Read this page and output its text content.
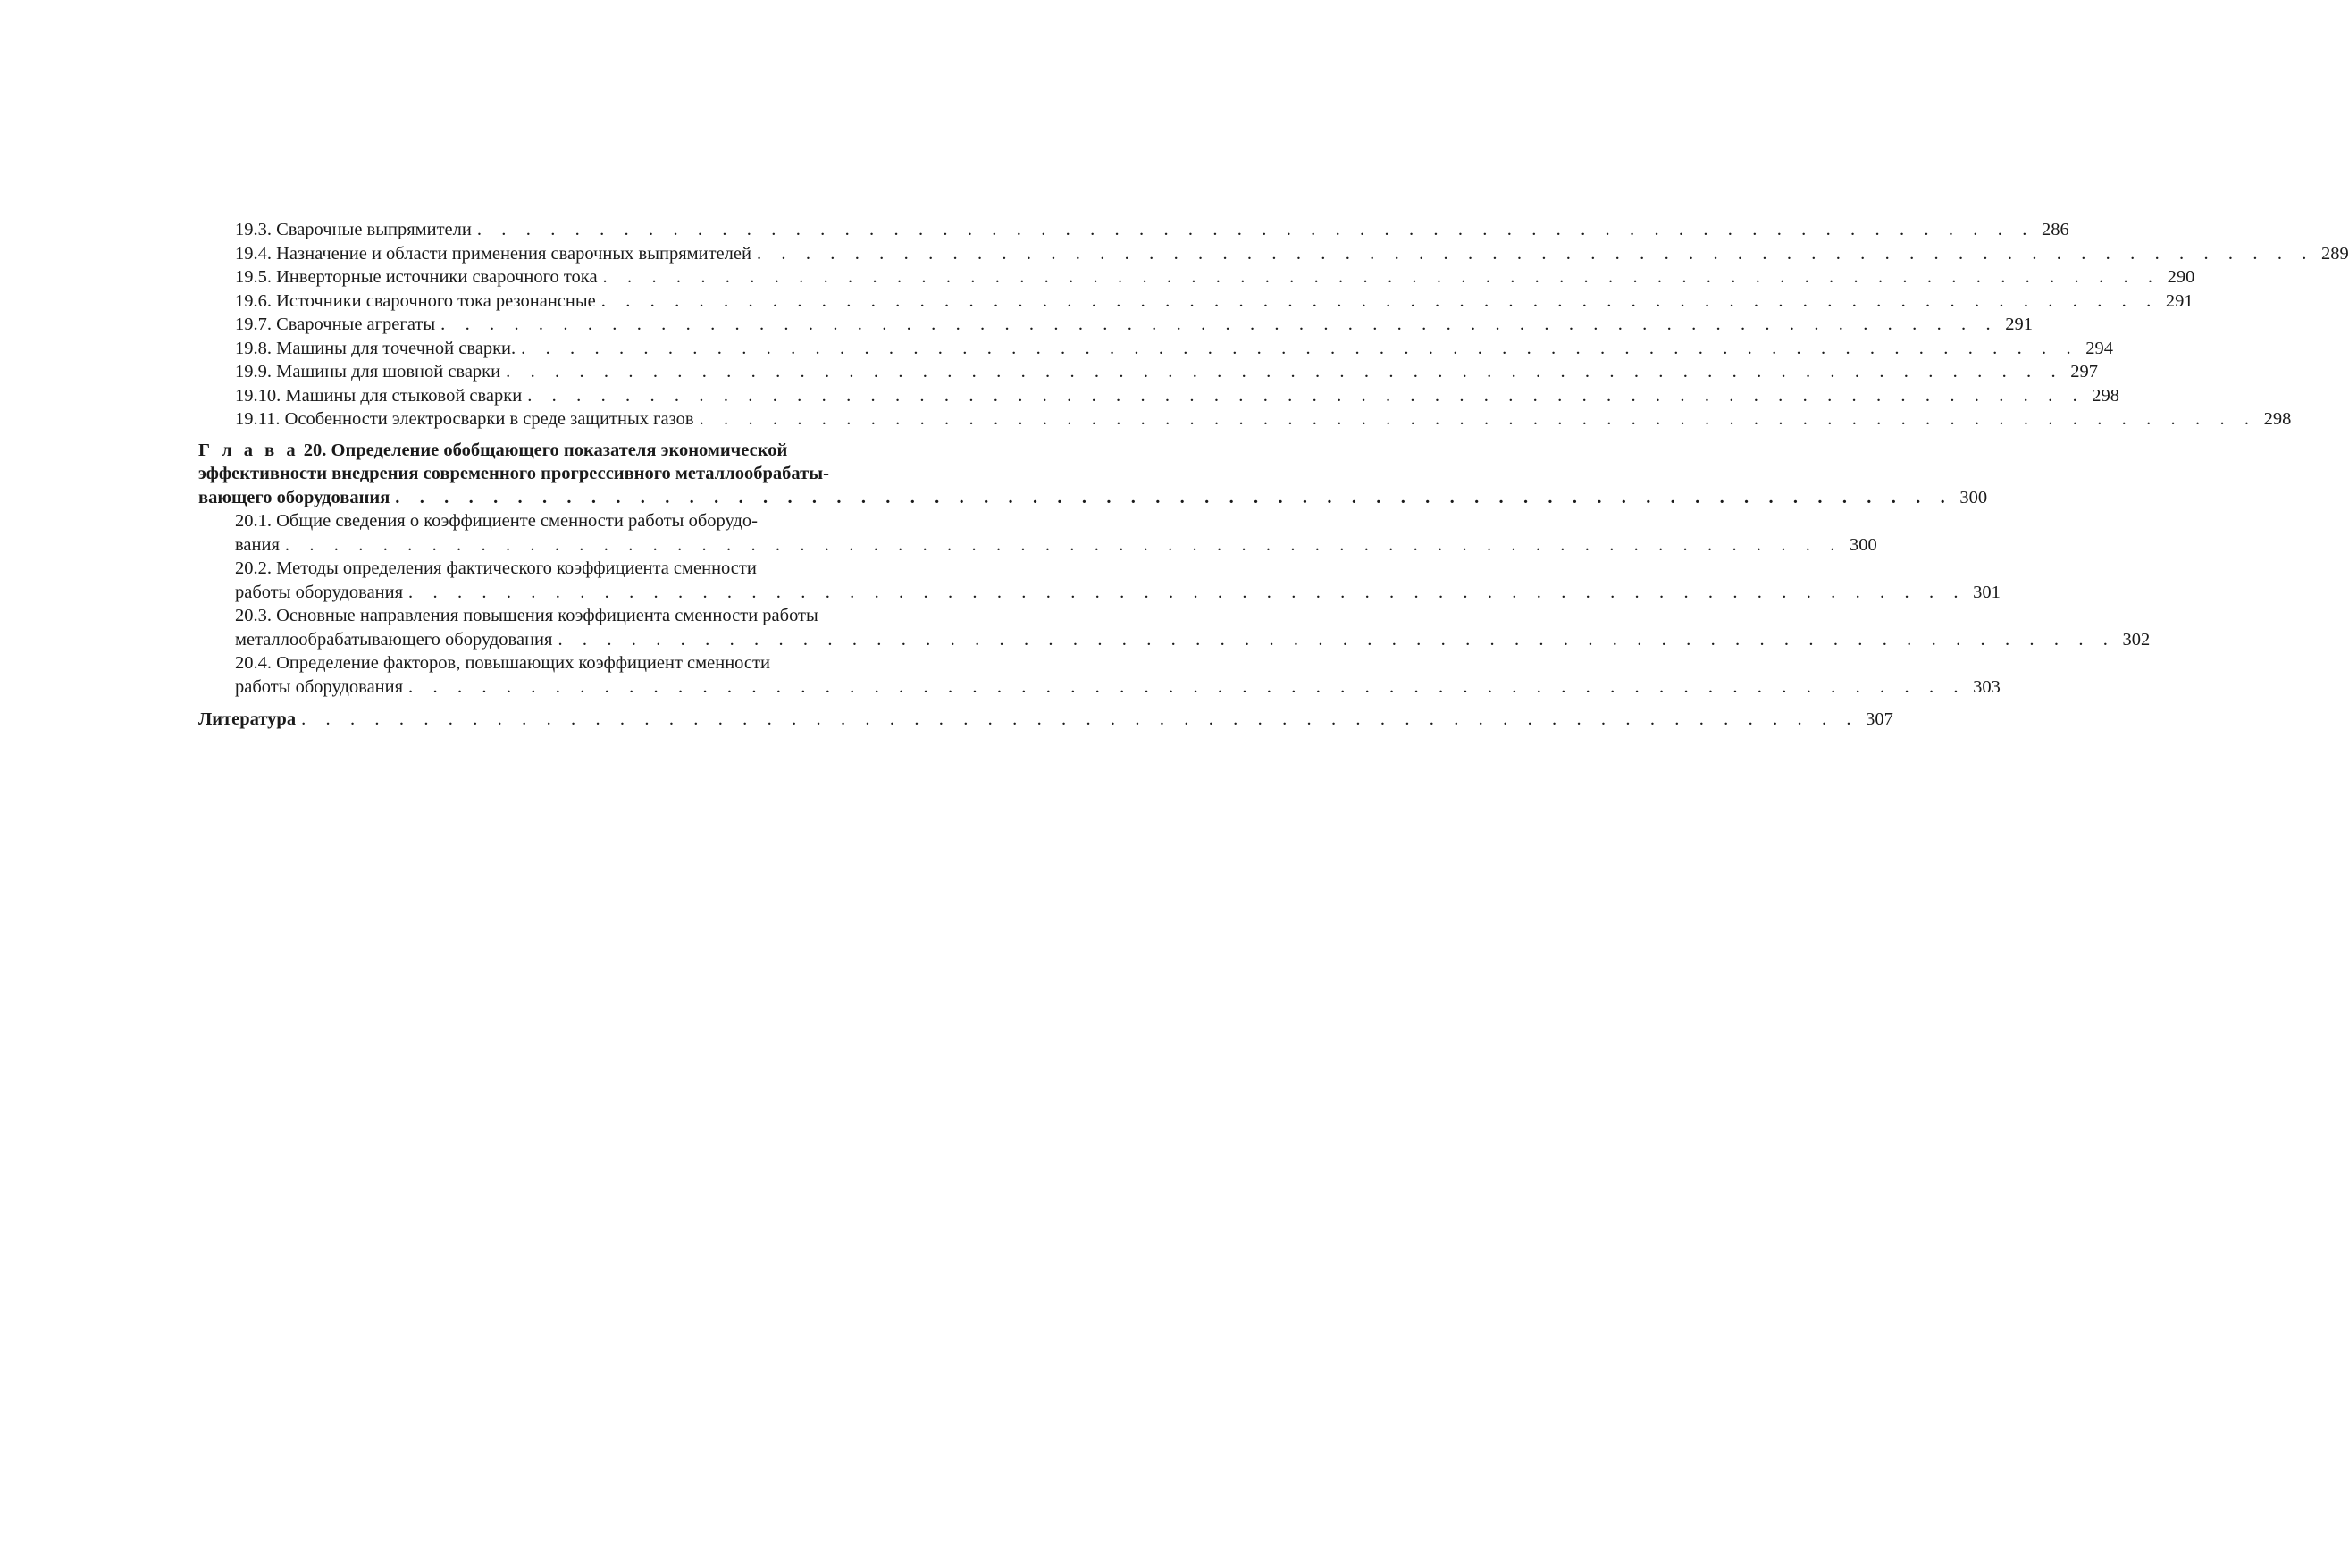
19.3. Сварочные выпрямители . . . . . . . . . . . . . . . . . . . . . . . . . . . . . . . . . . . . . . . . . . . . . . . . . . . . . . . . . . . . . . . . 286
19.4. Назначение и области применения сварочных выпрямителей . . . . . . . . . . . . . . . . . . . . . . . . . . . . . . . . . . . . . . . . . . . . . . . . . . . . . . . . . . . . . . . . 289
19.5. Инверторные источники сварочного тока . . . . . . . . . . . . . . . . . . . . . . . . . . . . . . . . . . . . . . . . . . . . . . . . . . . . . . . . . . . . . . . . 290
19.6. Источники сварочного тока резонансные . . . . . . . . . . . . . . . . . . . . . . . . . . . . . . . . . . . . . . . . . . . . . . . . . . . . . . . . . . . . . . . . 291
19.7. Сварочные агрегаты . . . . . . . . . . . . . . . . . . . . . . . . . . . . . . . . . . . . . . . . . . . . . . . . . . . . . . . . . . . . . . . . 291
19.8. Машины для точечной сварки. . . . . . . . . . . . . . . . . . . . . . . . . . . . . . . . . . . . . . . . . . . . . . . . . . . . . . . . . . . . . . . . . 294
19.9. Машины для шовной сварки . . . . . . . . . . . . . . . . . . . . . . . . . . . . . . . . . . . . . . . . . . . . . . . . . . . . . . . . . . . . . . . . 297
19.10. Машины для стыковой сварки . . . . . . . . . . . . . . . . . . . . . . . . . . . . . . . . . . . . . . . . . . . . . . . . . . . . . . . . . . . . . . . . 298
19.11. Особенности электросварки в среде защитных газов . . . . . . . . . . . . . . . . . . . . . . . . . . . . . . . . . . . . . . . . . . . . . . . . . . . . . . . . . . . . . . . . 298
Г л а в а 20. Определение обобщающего показателя экономической
эффективности внедрения современного прогрессивного металлообрабаты-
вающего оборудования . . . . . . . . . . . . . . . . . . . . . . . . . . . . . . . . . . . . . . . . . . . . . . . . . . . . . . . . . . . . . . . . 300
20.1. Общие сведения о коэффициенте сменности работы оборудо-
вания . . . . . . . . . . . . . . . . . . . . . . . . . . . . . . . . . . . . . . . . . . . . . . . . . . . . . . . . . . . . . . . . 300
20.2. Методы определения фактического коэффициента сменности
работы оборудования . . . . . . . . . . . . . . . . . . . . . . . . . . . . . . . . . . . . . . . . . . . . . . . . . . . . . . . . . . . . . . . . 301
20.3. Основные направления повышения коэффициента сменности работы
металлообрабатывающего оборудования . . . . . . . . . . . . . . . . . . . . . . . . . . . . . . . . . . . . . . . . . . . . . . . . . . . . . . . . . . . . . . . . 302
20.4. Определение факторов, повышающих коэффициент сменности
работы оборудования . . . . . . . . . . . . . . . . . . . . . . . . . . . . . . . . . . . . . . . . . . . . . . . . . . . . . . . . . . . . . . . . 303
Литература . . . . . . . . . . . . . . . . . . . . . . . . . . . . . . . . . . . . . . . . . . . . . . . . . . . . . . . . . . . . . . . . 307
